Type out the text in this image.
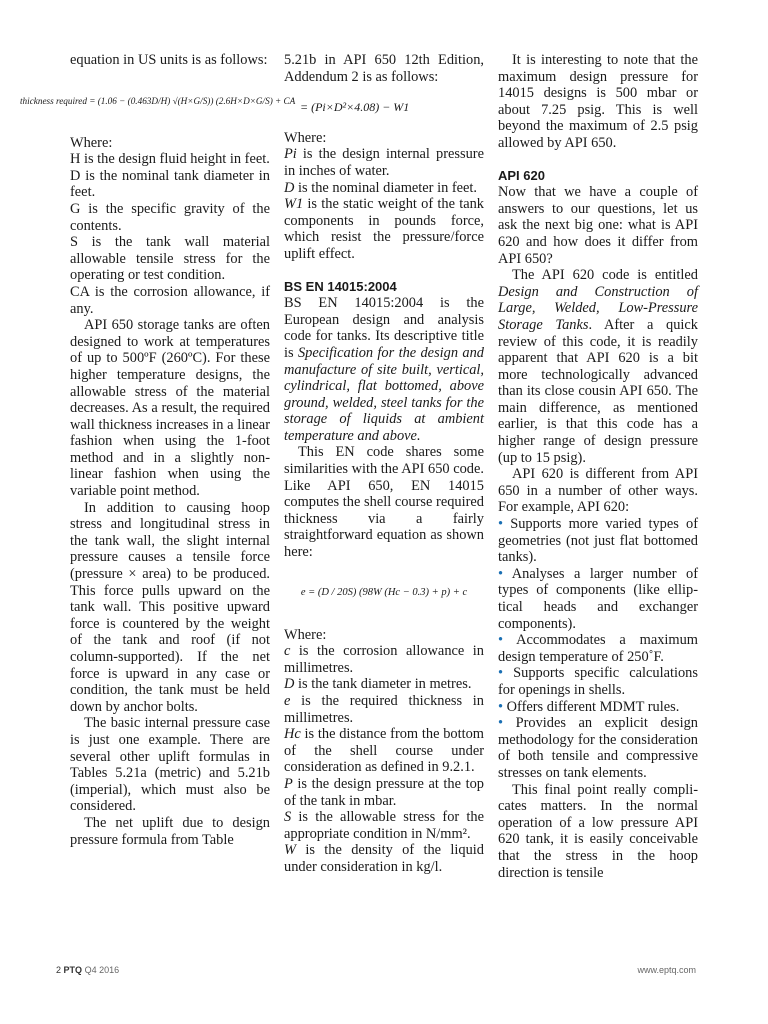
equation in US units is as follows:

thickness required = (1.06 − (0.463D/H) √(H×G/S)) (2.6H×D×G/S) + CA

Where:

H is the design fluid height in feet.

D is the nominal tank diameter in feet.

G is the specific gravity of the contents.

S is the tank wall material allowable tensile stress for the operating or test condition.

CA is the corrosion allowance, if any.

API 650 storage tanks are often designed to work at temperatures of up to 500ºF (260ºC). For these higher temperature designs, the allowable stress of the material decreases. As a result, the required wall thickness increases in a linear fashion when using the 1-foot method and in a slightly non-linear fashion when using the variable point method.

In addition to causing hoop stress and longitudinal stress in the tank wall, the slight internal pressure causes a tensile force (pressure × area) to be produced. This force pulls upward on the tank wall. This positive upward force is countered by the weight of the tank and roof (if not column-supported). If the net force is upward in any case or condition, the tank must be held down by anchor bolts.

The basic internal pressure case is just one example. There are several other uplift formulas in Tables 5.21a (metric) and 5.21b (imperial), which must also be considered.

The net uplift due to design pressure formula from Table

5.21b in API 650 12th Edition, Addendum 2 is as follows:

= (Pi×D²×4.08) − W1

Where:

Pi is the design internal pressure in inches of water.

D is the nominal diameter in feet.

W1 is the static weight of the tank components in pounds force, which resist the pressure/force uplift effect.

BS EN 14015:2004

BS EN 14015:2004 is the European design and analysis code for tanks. Its descriptive title is Specification for the design and manufacture of site built, vertical, cylindrical, flat bottomed, above ground, welded, steel tanks for the storage of liquids at ambient temperature and above.

This EN code shares some similarities with the API 650 code. Like API 650, EN 14015 computes the shell course required thickness via a fairly straightforward equation as shown here:

e = (D / 20S) (98W (Hc − 0.3) + p) + c

Where:

c is the corrosion allowance in millimetres.

D is the tank diameter in metres.

e is the required thickness in millimetres.

Hc is the distance from the bottom of the shell course under consideration as defined in 9.2.1.

P is the design pressure at the top of the tank in mbar.

S is the allowable stress for the appropriate condition in N/mm².

W is the density of the liquid under consideration in kg/l.

It is interesting to note that the maximum design pressure for 14015 designs is 500 mbar or about 7.25 psig. This is well beyond the maximum of 2.5 psig allowed by API 650.

API 620

Now that we have a couple of answers to our questions, let us ask the next big one: what is API 620 and how does it differ from API 650?

The API 620 code is entitled Design and Construction of Large, Welded, Low-Pressure Storage Tanks. After a quick review of this code, it is readily apparent that API 620 is a bit more technologically advanced than its close cousin API 650. The main difference, as mentioned earlier, is that this code has a higher range of design pressure (up to 15 psig).

API 620 is different from API 650 in a number of other ways. For example, API 620:

• Supports more varied types of geometries (not just flat bottomed tanks).

• Analyses a larger number of types of components (like elliptical heads and exchanger components).

• Accommodates a maximum design temperature of 250˚F.

• Supports specific calculations for openings in shells.

• Offers different MDMT rules.

• Provides an explicit design methodology for the consideration of both tensile and compressive stresses on tank elements.

This final point really complicates matters. In the normal operation of a low pressure API 620 tank, it is easily conceivable that the stress in the hoop direction is tensile

2 PTQ Q4 2016	www.eptq.com
